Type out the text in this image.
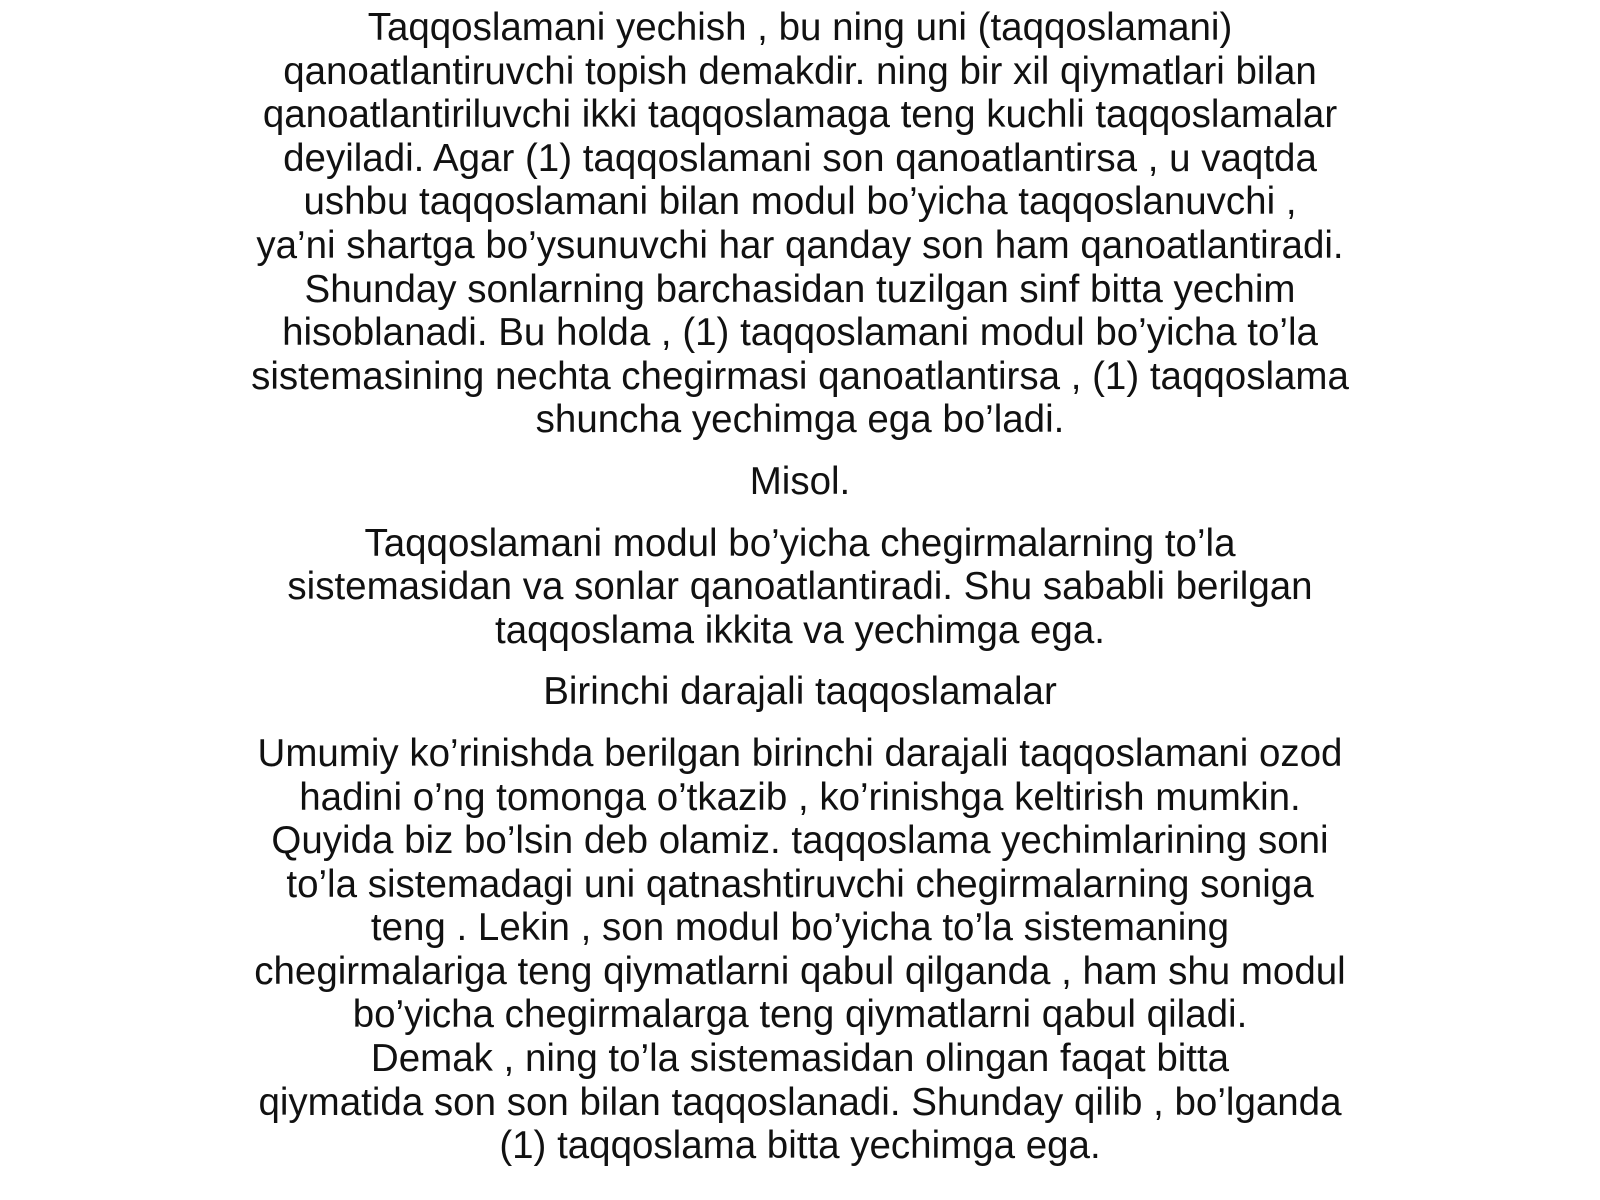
Taqqoslamani yechish , bu ning uni (taqqoslamani)
qanoatlantiruvchi topish demakdir. ning bir xil qiymatlari bilan
qanoatlantiriluvchi ikki taqqoslamaga teng kuchli taqqoslamalar
deyiladi. Agar (1) taqqoslamani son qanoatlantirsa , u vaqtda
ushbu taqqoslamani bilan modul bo’yicha taqqoslanuvchi ,
ya’ni shartga bo’ysunuvchi har qanday son ham qanoatlantiradi.
Shunday sonlarning barchasidan tuzilgan sinf bitta yechim
hisoblanadi. Bu holda , (1) taqqoslamani modul bo’yicha to’la
sistemasining nechta chegirmasi qanoatlantirsa , (1) taqqoslama
shuncha yechimga ega bo’ladi.

Misol.

Taqqoslamani modul bo’yicha chegirmalarning to’la
sistemasidan va sonlar qanoatlantiradi. Shu sababli berilgan
taqqoslama ikkita va yechimga ega.

Birinchi darajali taqqoslamalar

Umumiy ko’rinishda berilgan birinchi darajali taqqoslamani ozod
hadini o’ng tomonga o’tkazib , ko’rinishga keltirish mumkin.
Quyida biz bo’lsin deb olamiz. taqqoslama yechimlarining soni
to’la sistemadagi uni qatnashtiruvchi chegirmalarning soniga
teng . Lekin , son modul bo’yicha to’la sistemaning
chegirmalariga teng qiymatlarni qabul qilganda , ham shu modul
bo’yicha chegirmalarga teng qiymatlarni qabul qiladi.
Demak , ning to’la sistemasidan olingan faqat bitta
qiymatida son son bilan taqqoslanadi. Shunday qilib , bo’lganda
(1) taqqoslama bitta yechimga ega.
